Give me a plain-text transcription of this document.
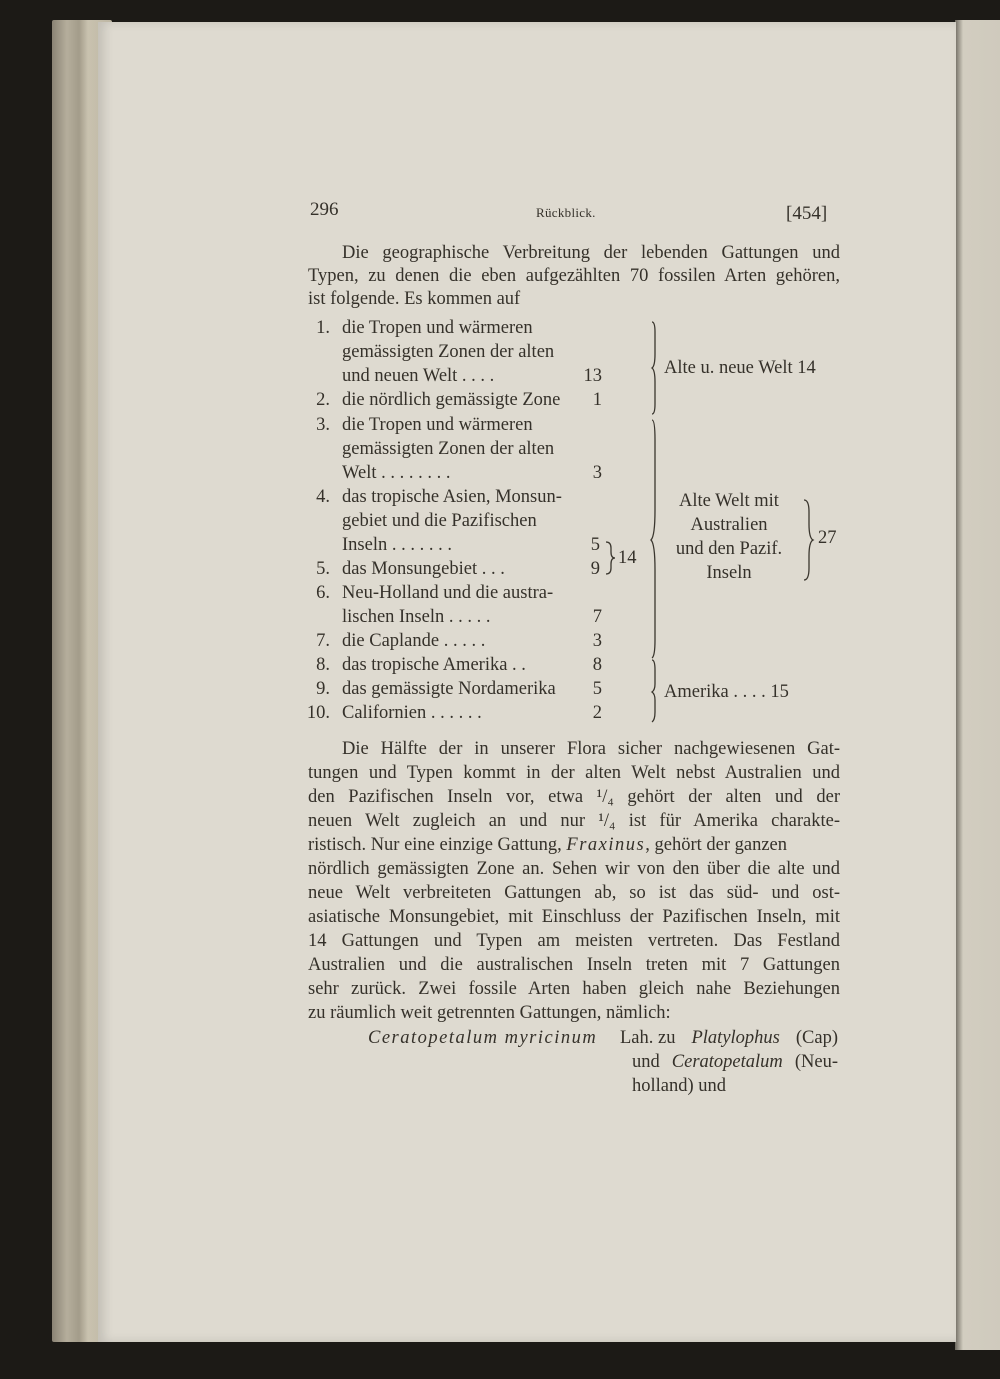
296	Rückblick.	[454]
Die geographische Verbreitung der lebenden Gattungen und
Typen, zu denen die eben aufgezählten 70 fossilen Arten gehören,
ist folgende. Es kommen auf
1. die Tropen und wärmeren
gemässigten Zonen der alten
und neuen Welt . . . .	13
2. die nördlich gemässigte Zone	1
3. die Tropen und wärmeren
gemässigten Zonen der alten
Welt . . . . . . . .	3
4. das tropische Asien, Monsun-
gebiet und die Pazifischen
Inseln . . . . . . .	5
5. das Monsungebiet . . .	9
6. Neu-Holland und die austra-
lischen Inseln . . . . .	7
7. die Caplande . . . . .	3
8. das tropische Amerika . .	8
9. das gemässigte Nordamerika	5
10. Californien . . . . . .	2
14
Alte u. neue Welt 14
Alte Welt mit
Australien
und den Pazif.
Inseln
27
Amerika . . . . 15
Die Hälfte der in unserer Flora sicher nachgewiesenen Gat-
tungen und Typen kommt in der alten Welt nebst Australien und
den Pazifischen Inseln vor, etwa ¹/₄ gehört der alten und der
neuen Welt zugleich an und nur ¹/₄ ist für Amerika charakte-
ristisch. Nur eine einzige Gattung, Fraxinus, gehört der ganzen
nördlich gemässigten Zone an. Sehen wir von den über die alte und
neue Welt verbreiteten Gattungen ab, so ist das süd- und ost-
asiatische Monsungebiet, mit Einschluss der Pazifischen Inseln, mit
14 Gattungen und Typen am meisten vertreten. Das Festland
Australien und die australischen Inseln treten mit 7 Gattungen
sehr zurück. Zwei fossile Arten haben gleich nahe Beziehungen
zu räumlich weit getrennten Gattungen, nämlich:
Ceratopetalum myricinum Lah. zu Platylophus (Cap)
und Ceratopetalum (Neu-
holland) und
